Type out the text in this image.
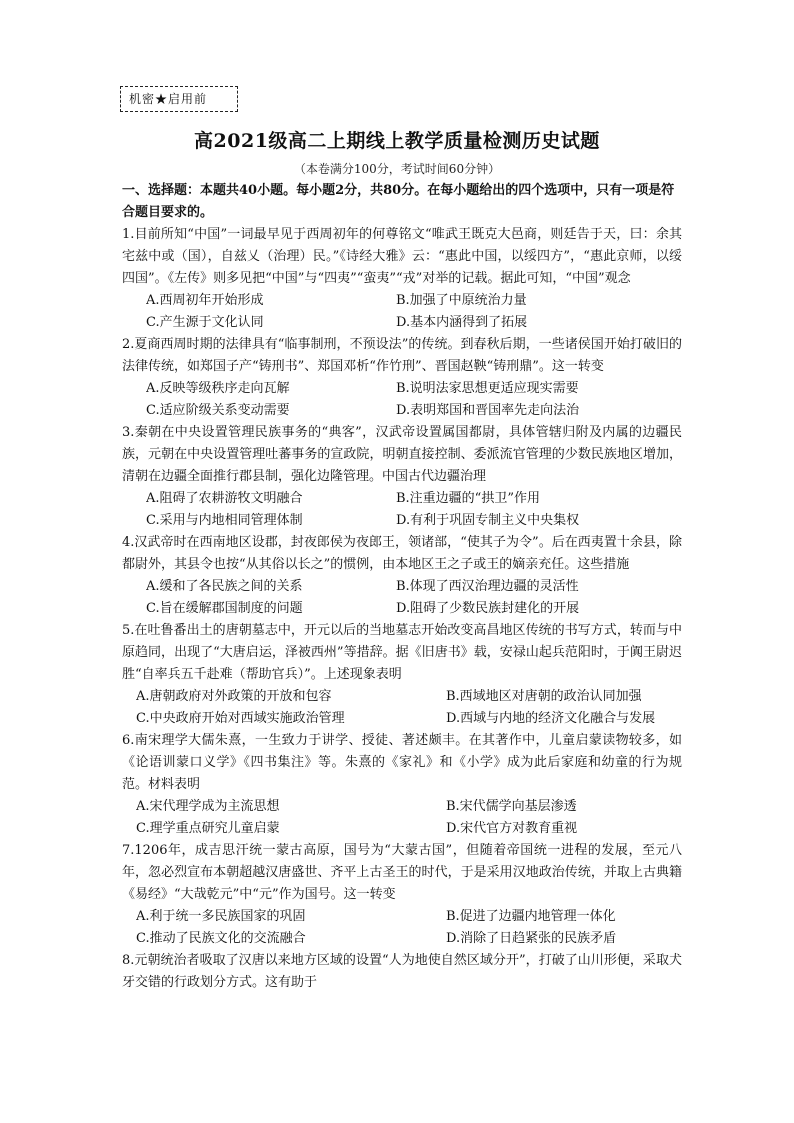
机密★启用前
高2021级高二上期线上教学质量检测历史试题
（本卷满分100分，考试时间60分钟）

一、选择题：本题共40小题。每小题2分，共80分。在每小题给出的四个选项中，只有一项是符合题目要求的。

1.目前所知“中国”一词最早见于西周初年的何尊铭文“唯武王既克大邑商，则廷告于天，曰：余其宅兹中或（国），自兹乂（治理）民。”《诗经大雅》云：“惠此中国，以绥四方”，“惠此京师，以绥四国”。《左传》则多见把“中国”与“四夷”“蛮夷”“戎”对举的记载。据此可知，“中国”观念

A.西周初年开始形成	B.加强了中原统治力量
C.产生源于文化认同	D.基本内涵得到了拓展

2.夏商西周时期的法律具有“临事制刑，不预设法”的传统。到春秋后期，一些诸侯国开始打破旧的法律传统，如郑国子产“铸刑书”、郑国邓析“作竹刑”、晋国赵鞅“铸刑鼎”。这一转变

A.反映等级秩序走向瓦解	B.说明法家思想更适应现实需要
C.适应阶级关系变动需要	D.表明郑国和晋国率先走向法治

3.秦朝在中央设置管理民族事务的“典客”，汉武帝设置属国都尉，具体管辖归附及内属的边疆民族，元朝在中央设置管理吐蕃事务的宣政院，明朝直接控制、委派流官管理的少数民族地区增加，清朝在边疆全面推行郡县制，强化边隆管理。中国古代边疆治理

A.阻碍了农耕游牧文明融合	B.注重边疆的“拱卫”作用
C.采用与内地相同管理体制	D.有利于巩固专制主义中央集权

4.汉武帝时在西南地区设郡，封夜郎侯为夜郎王，领诸部，“使其子为令”。后在西夷置十余县，除都尉外，其县令也按“从其俗以长之”的惯例，由本地区王之子或王的嫡亲充任。这些措施

A.缓和了各民族之间的关系	B.体现了西汉治理边疆的灵活性
C.旨在缓解郡国制度的问题	D.阻碍了少数民族封建化的开展

5.在吐鲁番出土的唐朝墓志中，开元以后的当地墓志开始改变高昌地区传统的书写方式，转而与中原趋同，出现了“大唐启运，泽被西州”等措辞。据《旧唐书》载，安禄山起兵范阳时，于阗王尉迟胜“自率兵五千赴难（帮助官兵）”。上述现象表明

A.唐朝政府对外政策的开放和包容	B.西域地区对唐朝的政治认同加强
C.中央政府开始对西域实施政治管理	D.西域与内地的经济文化融合与发展

6.南宋理学大儒朱熹，一生致力于讲学、授徒、著述颇丰。在其著作中，儿童启蒙读物较多，如《论语训蒙口义学》《四书集注》等。朱熹的《家礼》和《小学》成为此后家庭和幼童的行为规范。材料表明

A.宋代理学成为主流思想	B.宋代儒学向基层渗透
C.理学重点研究儿童启蒙	D.宋代官方对教育重视

7.1206年，成吉思汗统一蒙古高原，国号为“大蒙古国”，但随着帝国统一进程的发展，至元八年，忽必烈宣布本朝超越汉唐盛世、齐平上古圣王的时代，于是采用汉地政治传统，并取上古典籍《易经》“大哉乾元”中“元”作为国号。这一转变

A.利于统一多民族国家的巩固	B.促进了边疆内地管理一体化
C.推动了民族文化的交流融合	D.消除了日趋紧张的民族矛盾

8.元朝统治者吸取了汉唐以来地方区域的设置“人为地使自然区域分开”，打破了山川形便，采取犬牙交错的行政划分方式。这有助于
